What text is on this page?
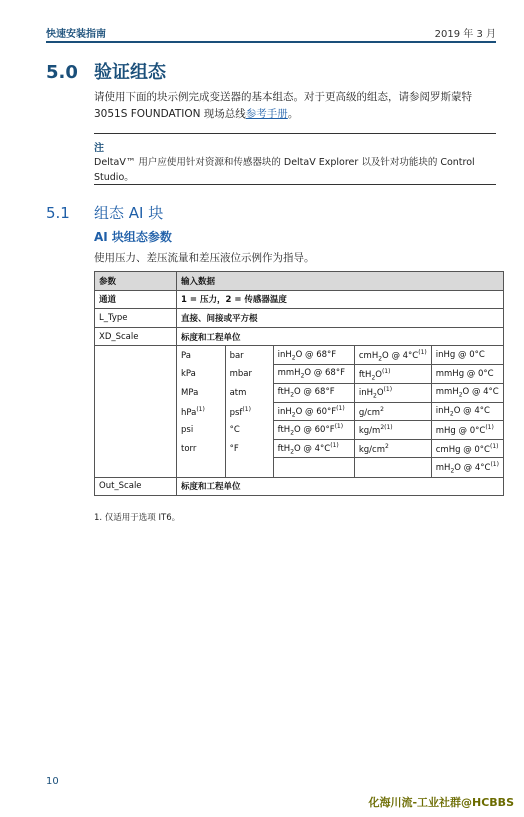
快速安装指南	2019 年 3 月
5.0 验证组态

请使用下面的块示例完成变送器的基本组态。对于更高级的组态，请参阅罗斯蒙特 3051S FOUNDATION 现场总线参考手册。

注
DeltaV™ 用户应使用针对资源和传感器块的 DeltaV Explorer 以及针对功能块的 Control Studio。
5.1	组态 AI 块
AI 块组态参数
使用压力、差压流量和差压液位示例作为指导。
参数	输入数据
通道	1 = 压力，2 = 传感器温度
L_Type	直接、间接或平方根
XD_Scale	标度和工程单位

Pa	bar	inH$_2$O @ 68°F	cmH$_2$O @ $4^\circ C^{(1)}$	inHg @ 0°C
kPa	mbar	mmH$_2$O @ 68°F	$ftH_2O^{(1)}$	mmHg @ 0°C
MPa	atm	ftH$_2$O @ 68°F	$inH_2O^{(1)}$	mmH$_2$O @ 4°C
hPa$^{(1)}$	psf$^{(1)}$	inH$_2$O @ $60^\circ F^{(1)}$	$g/cm^2$	inH$_2$O @ 4°C
psi	°C	ftH$_2$O @ $60^\circ F^{(1)}$	$kg/m^{2(1)}$	mHg @ $0^\circ C^{(1)}$
torr	°F	ftH$_2$O @ $4^\circ C^{(1)}$	$kg/cm^2$	cmHg @ $0^\circ C^{(1)}$
				$mH_2O$ @ $4^\circ C^{(1)}$

Out_Scale	标度和工程单位
1. 仅适用于选项 IT6。
10
化海川流-工业社群@HCBBS
